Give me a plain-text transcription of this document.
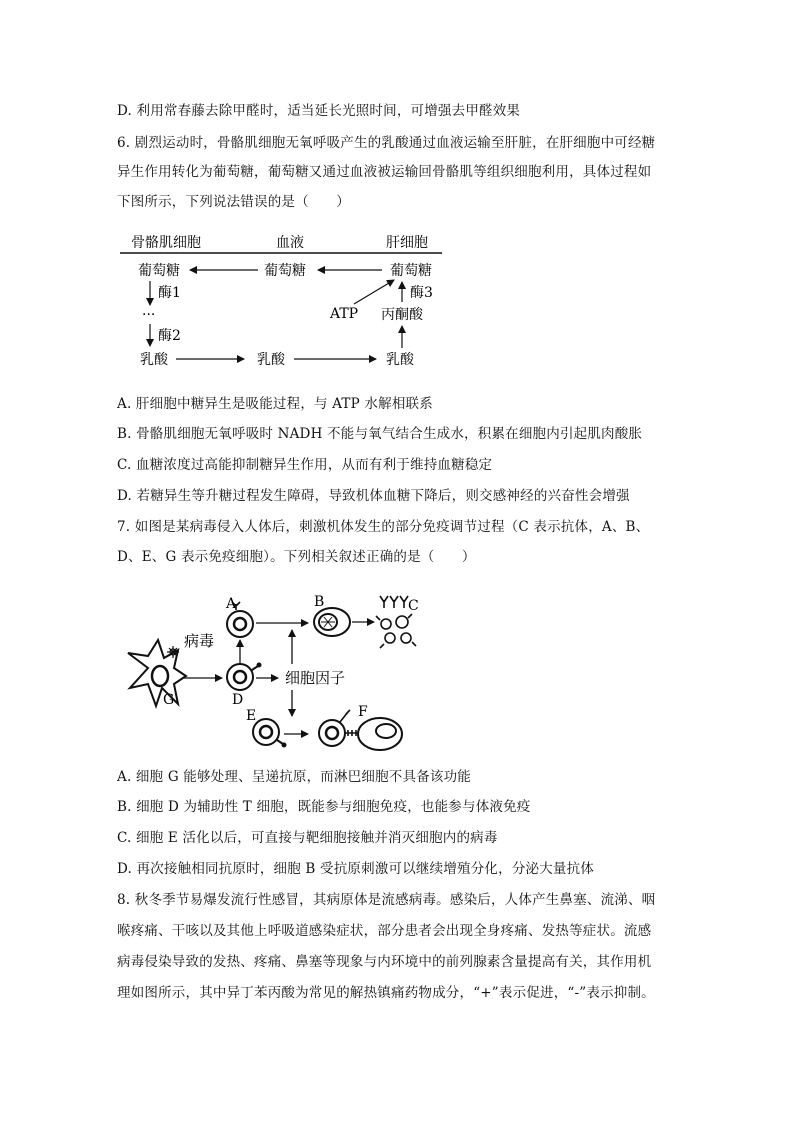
D. 利用常春藤去除甲醛时，适当延长光照时间，可增强去甲醛效果
6. 剧烈运动时，骨骼肌细胞无氧呼吸产生的乳酸通过血液运输至肝脏，在肝细胞中可经糖
异生作用转化为葡萄糖，葡萄糖又通过血液被运输回骨骼肌等组织细胞利用，具体过程如
下图所示，下列说法错误的是（　　）
骨骼肌细胞	血液	肝细胞
葡萄糖	葡萄糖	葡萄糖
酶1
···
酶2
乳酸	乳酸	乳酸
丙酮酸
酶3
ATP
A. 肝细胞中糖异生是吸能过程，与 ATP 水解相联系
B. 骨骼肌细胞无氧呼吸时 NADH 不能与氧气结合生成水，积累在细胞内引起肌肉酸胀
C. 血糖浓度过高能抑制糖异生作用，从而有利于维持血糖稳定
D. 若糖异生等升糖过程发生障碍，导致机体血糖下降后，则交感神经的兴奋性会增强
7. 如图是某病毒侵入人体后，刺激机体发生的部分免疫调节过程（C 表示抗体，A、B、
D、E、G 表示免疫细胞）。下列相关叙述正确的是（　　）
病毒
G	D
细胞因子
A	B	C
E	F
A. 细胞 G 能够处理、呈递抗原，而淋巴细胞不具备该功能
B. 细胞 D 为辅助性 T 细胞，既能参与细胞免疫，也能参与体液免疫
C. 细胞 E 活化以后，可直接与靶细胞接触并消灭细胞内的病毒
D. 再次接触相同抗原时，细胞 B 受抗原刺激可以继续增殖分化，分泌大量抗体
8. 秋冬季节易爆发流行性感冒，其病原体是流感病毒。感染后，人体产生鼻塞、流涕、咽
喉疼痛、干咳以及其他上呼吸道感染症状，部分患者会出现全身疼痛、发热等症状。流感
病毒侵染导致的发热、疼痛、鼻塞等现象与内环境中的前列腺素含量提高有关，其作用机
理如图所示，其中异丁苯丙酸为常见的解热镇痛药物成分，“+”表示促进，“-”表示抑制。
